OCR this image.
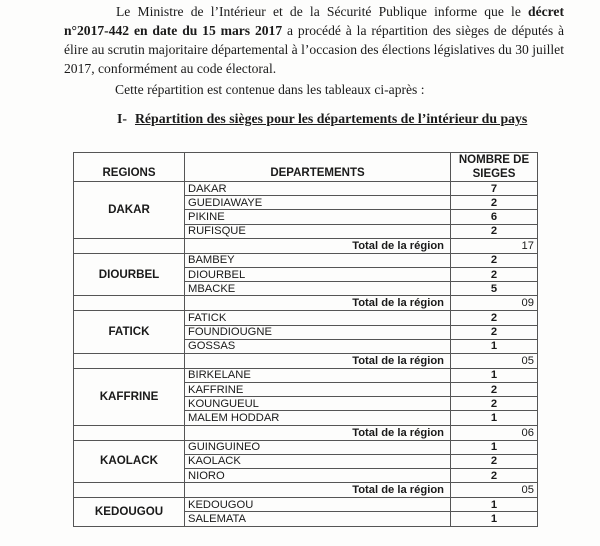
Le Ministre de l’Intérieur et de la Sécurité Publique informe que le décret n°2017-442 en date du 15 mars 2017 a procédé à la répartition des sièges de députés à élire au scrutin majoritaire départemental à l’occasion des élections législatives du 30 juillet 2017, conformément au code électoral.

Cette répartition est contenue dans les tableaux ci-après :

I- Répartition des sièges pour les départements de l’intérieur du pays
REGIONS	DEPARTEMENTS	NOMBRE DE SIEGES
DAKAR	DAKAR	7
	GUEDIAWAYE	2
	PIKINE	6
	RUFISQUE	2
	Total de la région	17
DIOURBEL	BAMBEY	2
	DIOURBEL	2
	MBACKE	5
	Total de la région	09
FATICK	FATICK	2
	FOUNDIOUGNE	2
	GOSSAS	1
	Total de la région	05
KAFFRINE	BIRKELANE	1
	KAFFRINE	2
	KOUNGUEUL	2
	MALEM HODDAR	1
	Total de la région	06
KAOLACK	GUINGUINEO	1
	KAOLACK	2
	NIORO	2
	Total de la région	05
KEDOUGOU	KEDOUGOU	1
	SALEMATA	1
